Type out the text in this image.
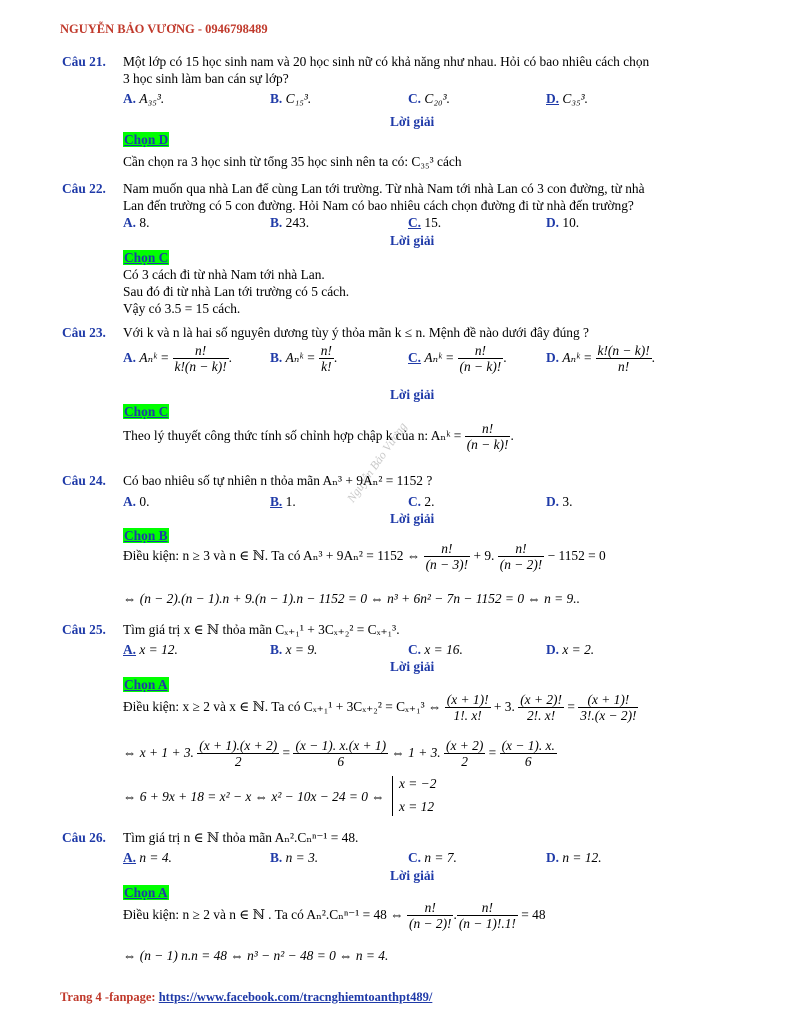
NGUYỄN BẢO VƯƠNG - 0946798489
Nguyễn Bảo Vương
Câu 21. Một lớp có 15 học sinh nam và 20 học sinh nữ có khả năng như nhau. Hỏi có bao nhiêu cách chọn
3 học sinh làm ban cán sự lớp?
A. A₃₅³.	B. C₁₅³.	C. C₂₀³.	D. C₃₅³.
Lời giải
Chọn D
Cần chọn ra 3 học sinh từ tổng 35 học sinh nên ta có: C₃₅³ cách
Câu 22. Nam muốn qua nhà Lan để cùng Lan tới trường. Từ nhà Nam tới nhà Lan có 3 con đường, từ nhà
Lan đến trường có 5 con đường. Hỏi Nam có bao nhiêu cách chọn đường đi từ nhà đến trường?
A. 8.	B. 243.	C. 15.	D. 10.
Lời giải
Chọn C
Có 3 cách đi từ nhà Nam tới nhà Lan.
Sau đó đi từ nhà Lan tới trường có 5 cách.
Vậy có 3.5 = 15 cách.
Câu 23. Với k và n là hai số nguyên dương tùy ý thỏa mãn k ≤ n. Mệnh đề nào dưới đây đúng ?
A. Aₙᵏ = $\frac{n!}{k!(n - k)!}$ .	B. Aₙᵏ = $\frac{n!}{k!}$ .	C. Aₙᵏ = $\frac{n!}{(n - k)!}$ .	D. Aₙᵏ = $\frac{k!(n - k)!}{n!}$ .
Lời giải
Chọn C
Theo lý thuyết công thức tính số chỉnh hợp chập k của n: Aₙᵏ = $\frac{n!}{(n - k)!}$ .
Câu 24. Có bao nhiêu số tự nhiên n thỏa mãn Aₙ³ + 9Aₙ² = 1152 ?
A. 0.	B. 1.	C. 2.	D. 3.
Lời giải
Chọn B
Điều kiện: n ≥ 3 và n ∈ ℕ. Ta có Aₙ³ + 9Aₙ² = 1152 ⇔ $\frac{n!}{(n - 3)!} + 9$. $\frac{n!}{(n - 2)!} - 1152 = 0$
⇔ (n − 2).(n − 1).n + 9.(n − 1).n − 1152 = 0 ⇔ n³ + 6n² − 7n − 1152 = 0 ⇔ n = 9..
Câu 25. Tìm giá trị x ∈ ℕ thỏa mãn Cₓ₊₁¹ + 3Cₓ₊₂² = Cₓ₊₁³.
A. x = 12.	B. x = 9.	C. x = 16.	D. x = 2.
Lời giải
Chọn A
Điều kiện: x ≥ 2 và x ∈ ℕ. Ta có Cₓ₊₁¹ + 3Cₓ₊₂² = Cₓ₊₁³ ⇔ $\frac{(x + 1)!}{1!. x!} + 3$. $\frac{(x + 2)!}{2!. x!} = \frac{(x + 1)!}{3!.(x - 2)!}$
⇔ x + 1 + 3. $\frac{(x + 1).(x + 2)}{2} = \frac{(x - 1). x.(x + 1)}{6}$ ⇔ 1 + 3. $\frac{(x + 2)}{2} = \frac{(x - 1). x.}{6}$
⇔ 6 + 9x + 18 = x² − x ⇔ x² − 10x − 24 = 0 ⇔
x = −2
x = 12
Câu 26. Tìm giá trị n ∈ ℕ thỏa mãn Aₙ².Cₙⁿ⁻¹ = 48.
A. n = 4.	B. n = 3.	C. n = 7.	D. n = 12.
Lời giải
Chọn A
Điều kiện: n ≥ 2 và n ∈ ℕ . Ta có Aₙ².Cₙⁿ⁻¹ = 48 ⇔ $\frac{n!}{(n - 2)!}$ . $\frac{n!}{(n - 1)!.1!} = 48$
⇔ (n − 1) n.n = 48 ⇔ n³ − n² − 48 = 0 ⇔ n = 4.
Trang 4 -fanpage: https://www.facebook.com/tracnghiemtoanthpt489/
